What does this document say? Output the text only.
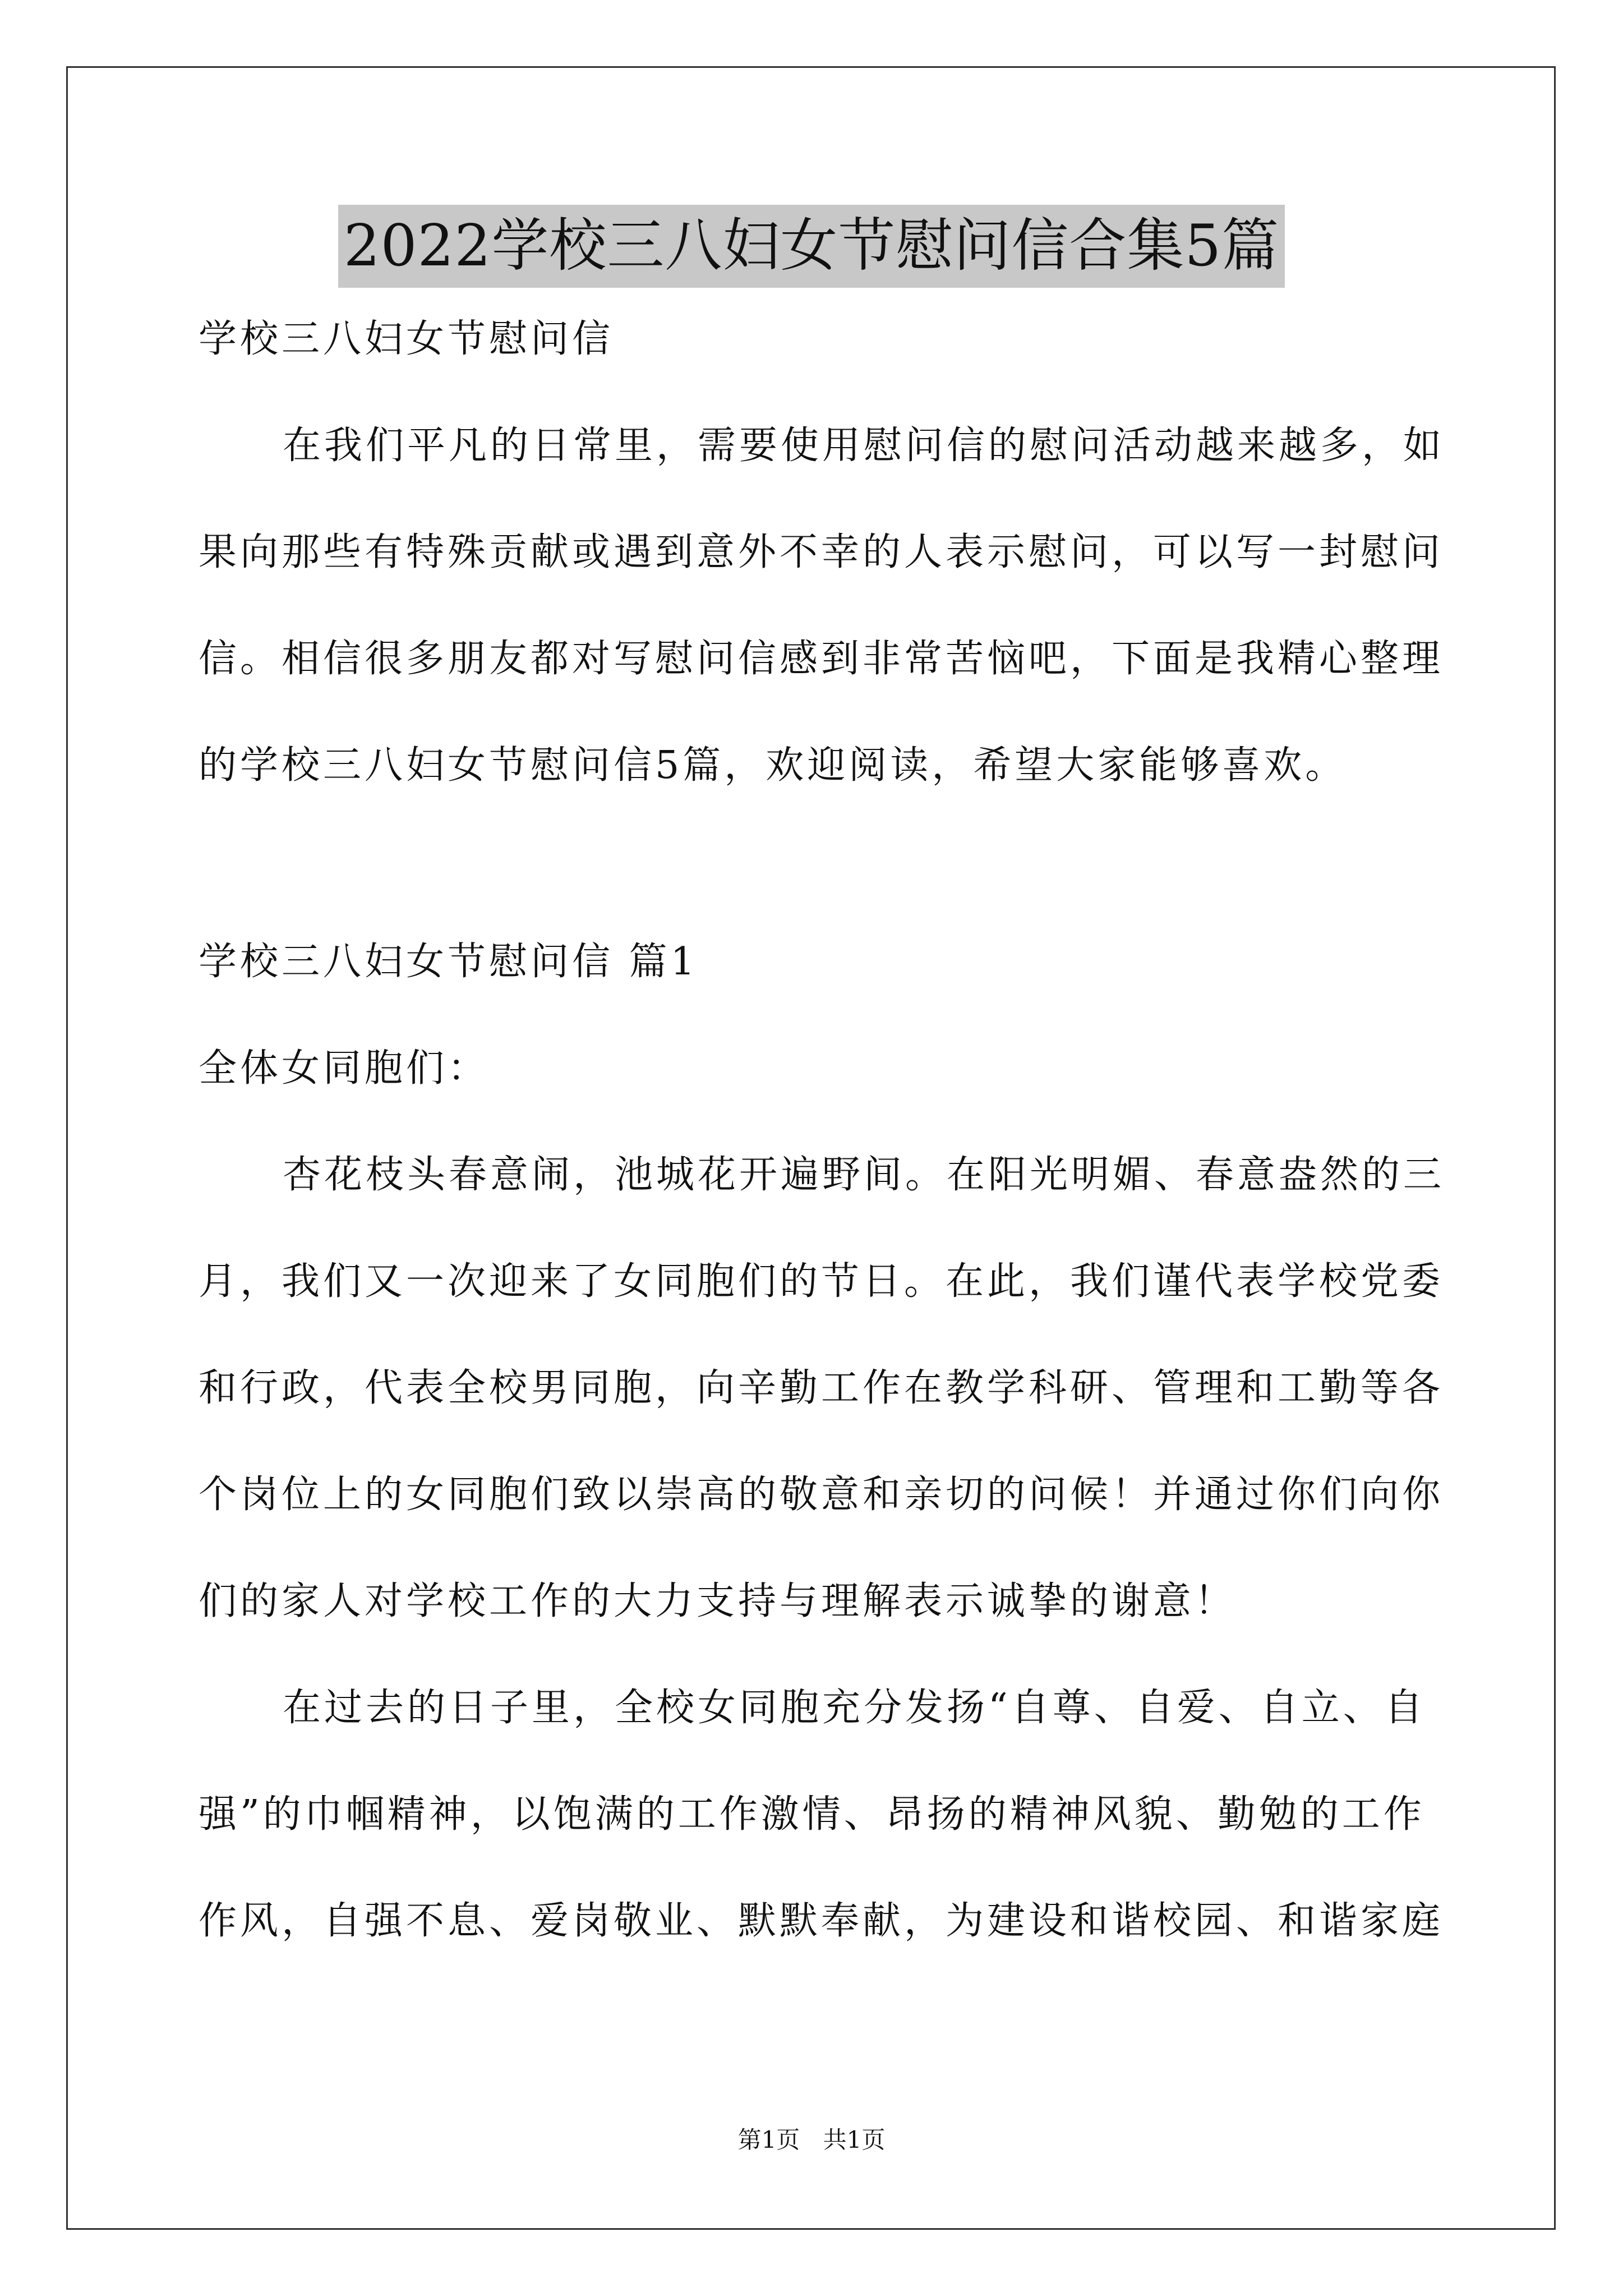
2022学校三八妇女节慰问信合集5篇
学校三八妇女节慰问信
在我们平凡的日常里，需要使用慰问信的慰问活动越来越多，如
果向那些有特殊贡献或遇到意外不幸的人表示慰问，可以写一封慰问
信。相信很多朋友都对写慰问信感到非常苦恼吧，下面是我精心整理
的学校三八妇女节慰问信5篇，欢迎阅读，希望大家能够喜欢。
学校三八妇女节慰问信 篇1
全体女同胞们：
杏花枝头春意闹，池城花开遍野间。在阳光明媚、春意盎然的三
月，我们又一次迎来了女同胞们的节日。在此，我们谨代表学校党委
和行政，代表全校男同胞，向辛勤工作在教学科研、管理和工勤等各
个岗位上的女同胞们致以崇高的敬意和亲切的问候！并通过你们向你
们的家人对学校工作的大力支持与理解表示诚挚的谢意！
在过去的日子里，全校女同胞充分发扬“自尊、自爱、自立、自
强”的巾帼精神，以饱满的工作激情、昂扬的精神风貌、勤勉的工作
作风，自强不息、爱岗敬业、默默奉献，为建设和谐校园、和谐家庭
第1页 共1页
